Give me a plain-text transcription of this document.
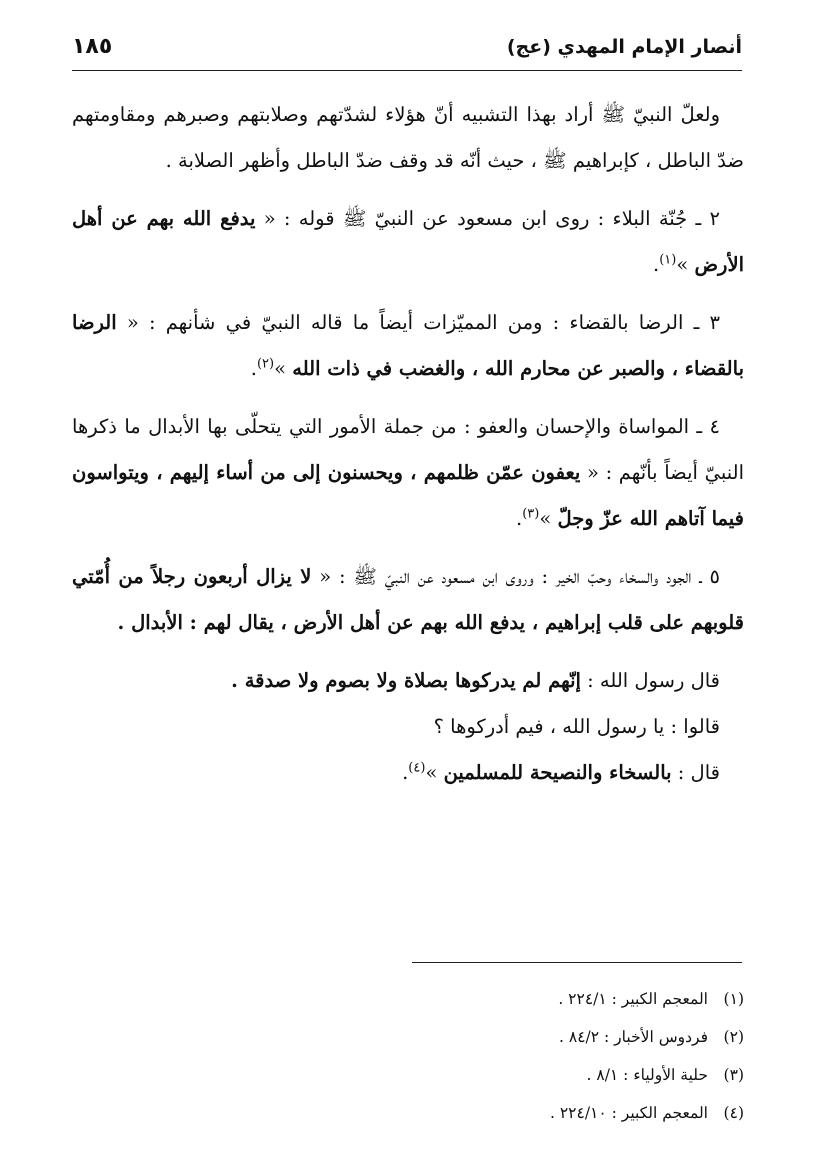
أنصار الإمام المهدي (عج)
١٨٥

ولعلّ النبيّ ﷺ أراد بهذا التشبيه أنّ هؤلاء لشدّتهم وصلابتهم وصبرهم ومقاومتهم ضدّ الباطل ، كإبراهيم ﷺ ، حيث أنّه قد وقف ضدّ الباطل وأظهر الصلابة .

٢ ـ جُنّة البلاء : روى ابن مسعود عن النبيّ ﷺ قوله : « يدفع الله بهم عن أهل الأرض »$^{(١)}$.

٣ ـ الرضا بالقضاء : ومن المميّزات أيضاً ما قاله النبيّ في شأنهم : « الرضا بالقضاء ، والصبر عن محارم الله ، والغضب في ذات الله »$^{(٢)}$.

٤ ـ المواساة والإحسان والعفو : من جملة الأمور التي يتحلّى بها الأبدال ما ذكرها النبيّ أيضاً بأنّهم : « يعفون عمّن ظلمهم ، ويحسنون إلى من أساء إليهم ، ويتواسون فيما آتاهم الله عزّ وجلّ »$^{(٣)}$.

٥ ـ الجود والسخاء وحبّ الخير : وروى ابن مسعود عن النبيّ ﷺ : « لا يزال أربعون رجلاً من أُمّتي قلوبهم على قلب إبراهيم ، يدفع الله بهم عن أهل الأرض ، يقال لهم : الأبدال .

قال رسول الله : إنّهم لم يدركوها بصلاة ولا بصوم ولا صدقة .

قالوا : يا رسول الله ، فيم أدركوها ؟

قال : بالسخاء والنصيحة للمسلمين »$^{(٤)}$.

(١)المعجم الكبير : ٢٢٤/١ .
(٢)فردوس الأخبار : ٨٤/٢ .
(٣)حلية الأولياء : ٨/١ .
(٤)المعجم الكبير : ٢٢٤/١٠ .
